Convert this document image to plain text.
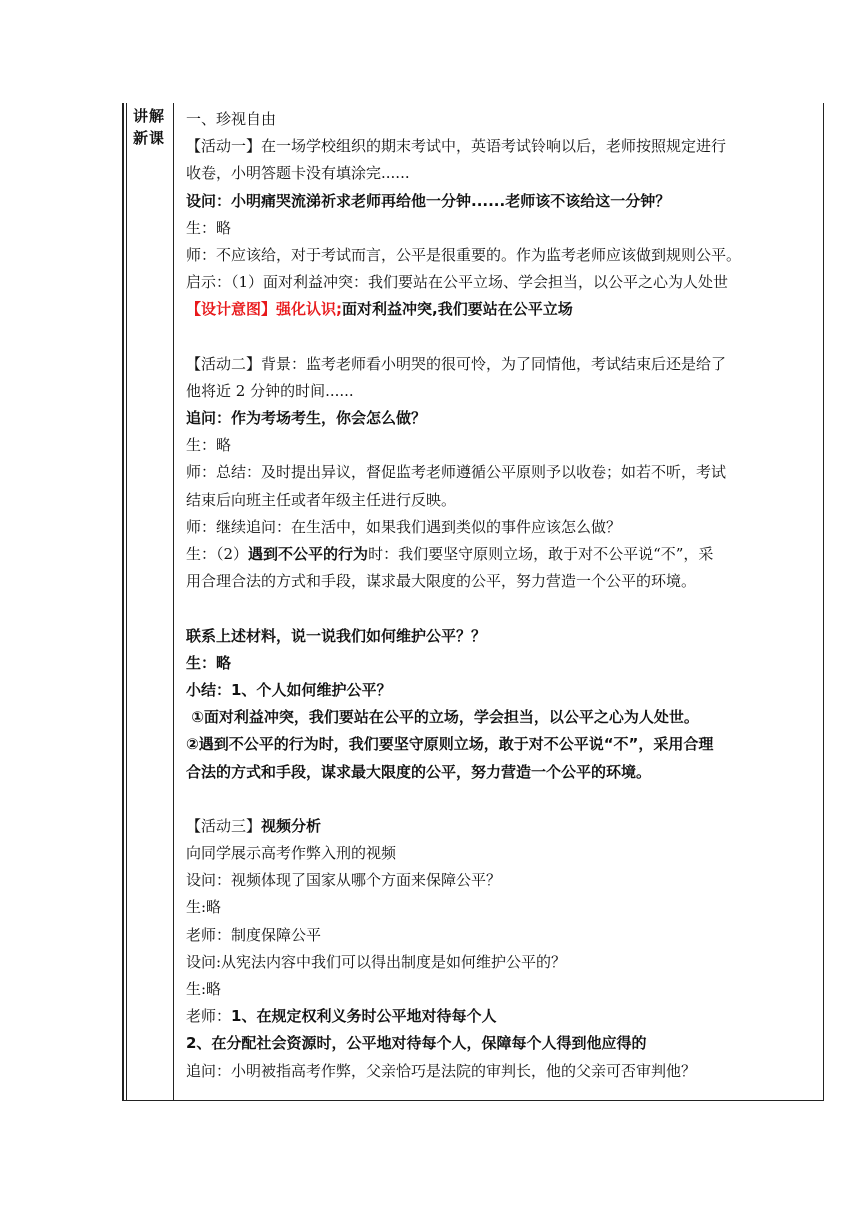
讲解新课
一、珍视自由
【活动一】在一场学校组织的期末考试中，英语考试铃响以后，老师按照规定进行
收卷，小明答题卡没有填涂完......
设问：小明痛哭流涕祈求老师再给他一分钟......老师该不该给这一分钟？
生：略
师：不应该给，对于考试而言，公平是很重要的。作为监考老师应该做到规则公平。
启示：（1）面对利益冲突：我们要站在公平立场、学会担当，以公平之心为人处世
【设计意图】强化认识;面对利益冲突,我们要站在公平立场
【活动二】背景：监考老师看小明哭的很可怜，为了同情他，考试结束后还是给了
他将近 2 分钟的时间......
追问：作为考场考生，你会怎么做？
生：略
师：总结：及时提出异议，督促监考老师遵循公平原则予以收卷；如若不听，考试
结束后向班主任或者年级主任进行反映。
师：继续追问：在生活中，如果我们遇到类似的事件应该怎么做？
生：（2）遇到不公平的行为时：我们要坚守原则立场，敢于对不公平说“不”，采
用合理合法的方式和手段，谋求最大限度的公平，努力营造一个公平的环境。
联系上述材料，说一说我们如何维护公平？？
生：略
小结：1、个人如何维护公平？
①面对利益冲突，我们要站在公平的立场，学会担当，以公平之心为人处世。
②遇到不公平的行为时，我们要坚守原则立场，敢于对不公平说“不”，采用合理
合法的方式和手段，谋求最大限度的公平，努力营造一个公平的环境。
【活动三】视频分析
向同学展示高考作弊入刑的视频
设问：视频体现了国家从哪个方面来保障公平？
生:略
老师：制度保障公平
设问:从宪法内容中我们可以得出制度是如何维护公平的？
生:略
老师：1、在规定权利义务时公平地对待每个人
2、在分配社会资源时，公平地对待每个人，保障每个人得到他应得的
追问：小明被指高考作弊，父亲恰巧是法院的审判长，他的父亲可否审判他？
